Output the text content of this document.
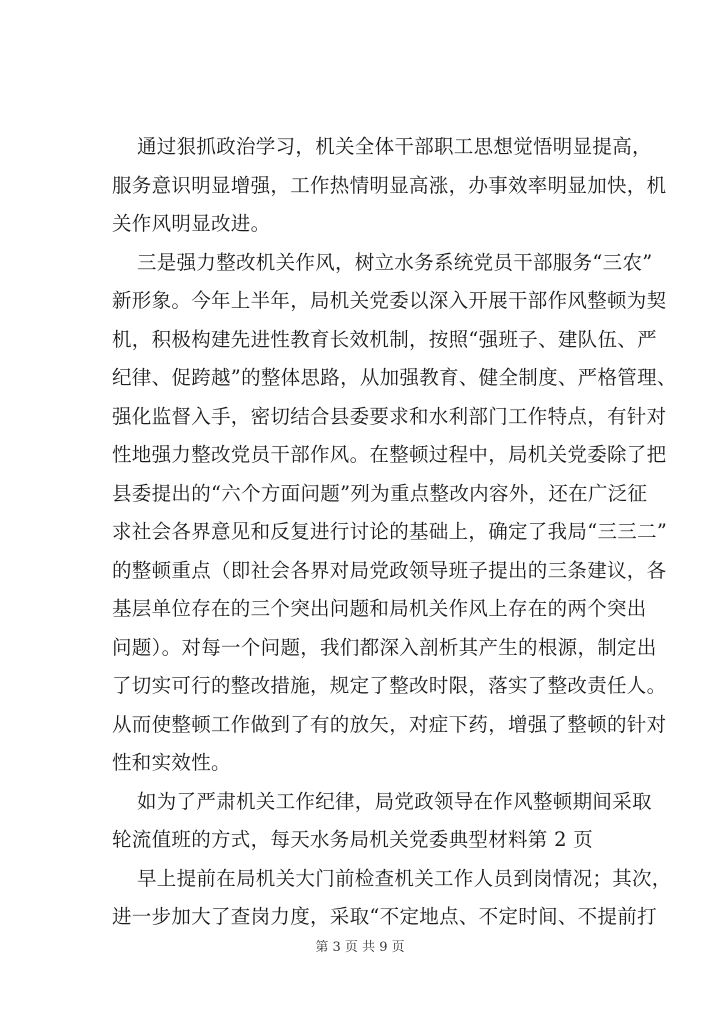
通过狠抓政治学习，机关全体干部职工思想觉悟明显提高，
服务意识明显增强，工作热情明显高涨，办事效率明显加快，机
关作风明显改进。
三是强力整改机关作风，树立水务系统党员干部服务“三农”
新形象。今年上半年，局机关党委以深入开展干部作风整顿为契
机，积极构建先进性教育长效机制，按照“强班子、建队伍、严
纪律、促跨越”的整体思路，从加强教育、健全制度、严格管理、
强化监督入手，密切结合县委要求和水利部门工作特点，有针对
性地强力整改党员干部作风。在整顿过程中，局机关党委除了把
县委提出的“六个方面问题”列为重点整改内容外，还在广泛征
求社会各界意见和反复进行讨论的基础上，确定了我局“三三二”
的整顿重点（即社会各界对局党政领导班子提出的三条建议，各
基层单位存在的三个突出问题和局机关作风上存在的两个突出
问题）。对每一个问题，我们都深入剖析其产生的根源，制定出
了切实可行的整改措施，规定了整改时限，落实了整改责任人。
从而使整顿工作做到了有的放矢，对症下药，增强了整顿的针对
性和实效性。
如为了严肃机关工作纪律，局党政领导在作风整顿期间采取
轮流值班的方式，每天水务局机关党委典型材料第 2 页
早上提前在局机关大门前检查机关工作人员到岗情况；其次，
进一步加大了查岗力度，采取“不定地点、不定时间、不提前打
第 3 页 共 9 页
